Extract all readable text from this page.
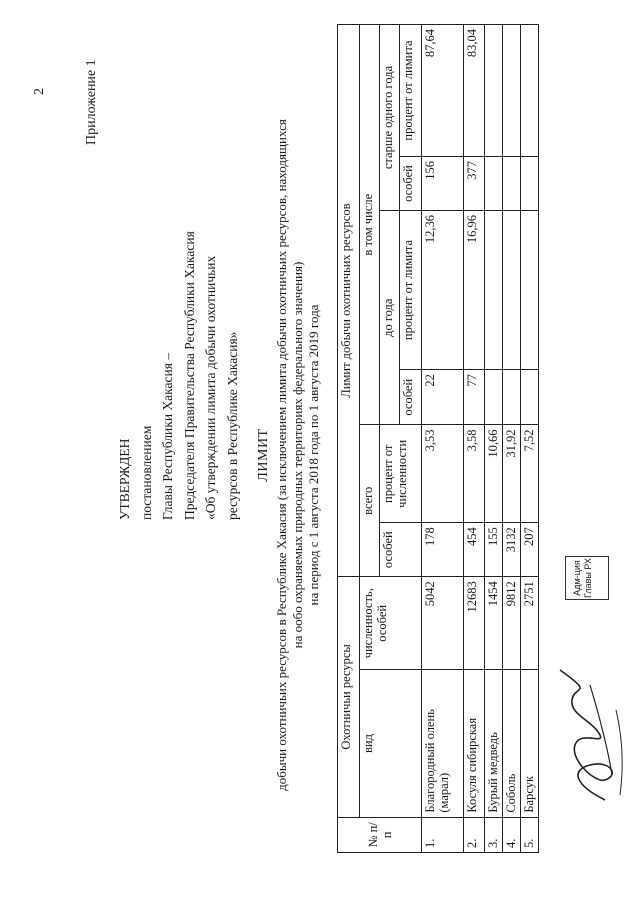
2	Приложение 1
УТВЕРЖДЕН постановлением Главы Республики Хакасия – Председателя Правительства Республики Хакасия «Об утверждении лимита добычи охотничьих ресурсов в Республике Хакасия» ЛИМИТ добычи охотничьих ресурсов в Республике Хакасия (за исключением лимита добычи охотничьих ресурсов, находящихся на ообо охраняемых природных территориях федерального значения) на период с 1 августа 2018 года по 1 августа 2019 года
№ п/п	Охотничьи ресурсы		Лимит добычи охотничьих ресурсов					
	вид	численность, особей	всего		в том числе			
			особей	процент от численности	до года		старше одного года	
					особей	процент от лимита	особей	процент от лимита
1.	Благородный олень (марал)	5042	178	3,53	22	12,36	156	87,64
2.	Косуля сибирская	12683	454	3,58	77	16,96	377	83,04
3.	Бурый медведь	1454	155	10,66				
4.	Соболь	9812	3132	31,92				
5.	Барсук	2751	207	7,52				
Адм-ция Главы РХ
